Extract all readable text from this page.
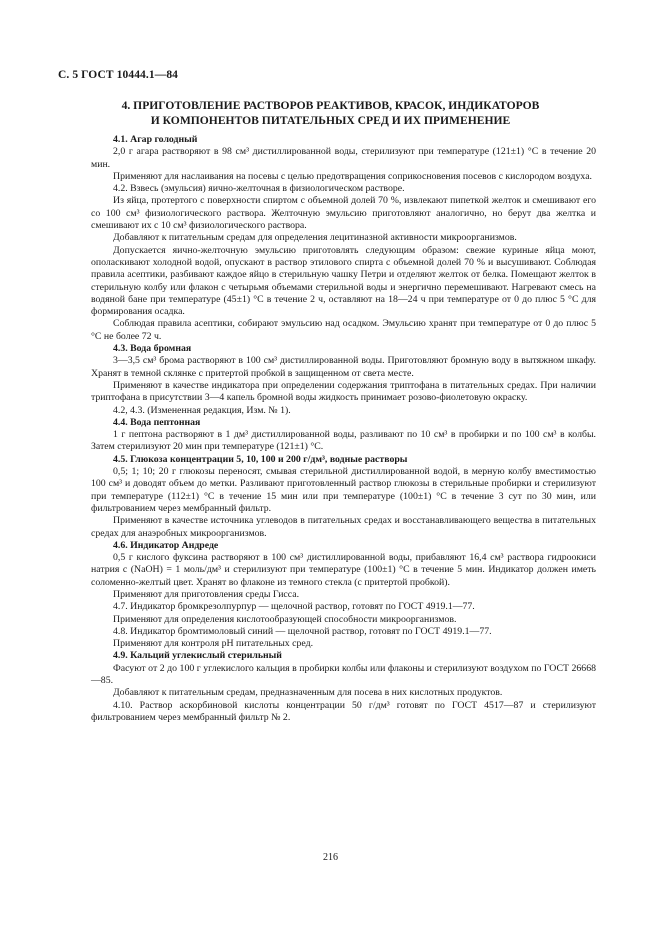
С. 5 ГОСТ 10444.1—84
4. ПРИГОТОВЛЕНИЕ РАСТВОРОВ РЕАКТИВОВ, КРАСОК, ИНДИКАТОРОВ
И КОМПОНЕНТОВ ПИТАТЕЛЬНЫХ СРЕД И ИХ ПРИМЕНЕНИЕ
4.1. Агар голодный
2,0 г агара растворяют в 98 см³ дистиллированной воды, стерилизуют при температуре (121±1) °С в течение 20 мин.
Применяют для наслаивания на посевы с целью предотвращения соприкосновения посевов с кислородом воздуха.
4.2. Взвесь (эмульсия) яично-желточная в физиологическом растворе.
Из яйца, протертого с поверхности спиртом с объемной долей 70 %, извлекают пипеткой желток и смешивают его со 100 см³ физиологического раствора. Желточную эмульсию приготовляют аналогично, но берут два желтка и смешивают их с 10 см³ физиологического раствора.
Добавляют к питательным средам для определения лецитиназной активности микроорганизмов.
Допускается яично-желточную эмульсию приготовлять следующим образом: свежие куриные яйца моют, ополаскивают холодной водой, опускают в раствор этилового спирта с объемной долей 70 % и высушивают. Соблюдая правила асептики, разбивают каждое яйцо в стерильную чашку Петри и отделяют желток от белка. Помещают желток в стерильную колбу или флакон с четырьмя объемами стерильной воды и энергично перемешивают. Нагревают смесь на водяной бане при температуре (45±1) °С в течение 2 ч, оставляют на 18—24 ч при температуре от 0 до плюс 5 °С для формирования осадка.
Соблюдая правила асептики, собирают эмульсию над осадком. Эмульсию хранят при температуре от 0 до плюс 5 °С не более 72 ч.
4.3. Вода бромная
3—3,5 см³ брома растворяют в 100 см³ дистиллированной воды. Приготовляют бромную воду в вытяжном шкафу. Хранят в темной склянке с притертой пробкой в защищенном от света месте.
Применяют в качестве индикатора при определении содержания триптофана в питательных средах. При наличии триптофана в присутствии 3—4 капель бромной воды жидкость принимает розово-фиолетовую окраску.
4.2, 4.3. (Измененная редакция, Изм. № 1).
4.4. Вода пептонная
1 г пептона растворяют в 1 дм³ дистиллированной воды, разливают по 10 см³ в пробирки и по 100 см³ в колбы. Затем стерилизуют 20 мин при температуре (121±1) °С.
4.5. Глюкоза концентрации 5, 10, 100 и 200 г/дм³, водные растворы
0,5; 1; 10; 20 г глюкозы переносят, смывая стерильной дистиллированной водой, в мерную колбу вместимостью 100 см³ и доводят объем до метки. Разливают приготовленный раствор глюкозы в стерильные пробирки и стерилизуют при температуре (112±1) °С в течение 15 мин или при температуре (100±1) °С в течение 3 сут по 30 мин, или фильтрованием через мембранный фильтр.
Применяют в качестве источника углеводов в питательных средах и восстанавливающего вещества в питательных средах для анаэробных микроорганизмов.
4.6. Индикатор Андреде
0,5 г кислого фуксина растворяют в 100 см³ дистиллированной воды, прибавляют 16,4 см³ раствора гидроокиси натрия c (NaOH) = 1 моль/дм³ и стерилизуют при температуре (100±1) °С в течение 5 мин. Индикатор должен иметь соломенно-желтый цвет. Хранят во флаконе из темного стекла (с притертой пробкой).
Применяют для приготовления среды Гисса.
4.7. Индикатор бромкрезолпурпур — щелочной раствор, готовят по ГОСТ 4919.1—77.
Применяют для определения кислотообразующей способности микроорганизмов.
4.8. Индикатор бромтимоловый синий — щелочной раствор, готовят по ГОСТ 4919.1—77.
Применяют для контроля pH питательных сред.
4.9. Кальций углекислый стерильный
Фасуют от 2 до 100 г углекислого кальция в пробирки колбы или флаконы и стерилизуют воздухом по ГОСТ 26668—85.
Добавляют к питательным средам, предназначенным для посева в них кислотных продуктов.
4.10. Раствор аскорбиновой кислоты концентрации 50 г/дм³ готовят по ГОСТ 4517—87 и стерилизуют фильтрованием через мембранный фильтр № 2.
216
